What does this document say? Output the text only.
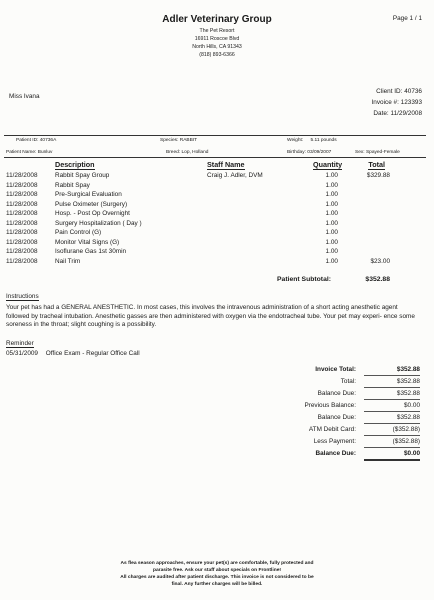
Adler Veterinary Group
The Pet Resort
16911 Roscoe Blvd
North Hills, CA 91343
(818) 893-6366
Page 1 / 1
Miss Ivana
Client ID: 40736
Invoice #: 123393
Date: 11/29/2008
Patient ID: 40736A	Species: RABBIT	Weight: 5.11 pounds
Patient Name: Bunluv	Breed: Lop, Holland	Birthday: 03/09/2007	Sex: Spayed-Female
Description	Staff Name	Quantity	Total
11/28/2008	Rabbit Spay Group	Craig J. Adler, DVM	1.00	$329.88
11/28/2008	Rabbit Spay	1.00
11/28/2008	Pre-Surgical Evaluation	1.00
11/28/2008	Pulse Oximeter (Surgery)	1.00
11/28/2008	Hosp. - Post Op Overnight	1.00
11/28/2008	Surgery Hospitalization ( Day )	1.00
11/28/2008	Pain Control (G)	1.00
11/28/2008	Monitor Vital Signs (G)	1.00
11/28/2008	Isoflurane Gas 1st 30min	1.00
11/28/2008	Nail Trim	1.00	$23.00
Patient Subtotal:	$352.88
Instructions
Your pet has had a GENERAL ANESTHETIC. In most cases, this involves the intravenous administration of a short acting anesthetic agent followed by tracheal intubation. Anesthetic gasses are then administered with oxygen via the endotracheal tube. Your pet may experi- ence some soreness in the throat; slight coughing is a possibility.
Reminder
05/31/2009 Office Exam - Regular Office Call
Invoice Total:	$352.88
Total:	$352.88
Balance Due:	$352.88
Previous Balance:	$0.00
Balance Due:	$352.88
ATM Debit Card:	($352.88)
Less Payment:	($352.88)
Balance Due:	$0.00
As flea season approaches, ensure your pet(s) are comfortable, fully protected and
parasite free. Ask our staff about specials on Frontline!
All charges are audited after patient discharge. This invoice is not considered to be
final. Any further charges will be billed.
